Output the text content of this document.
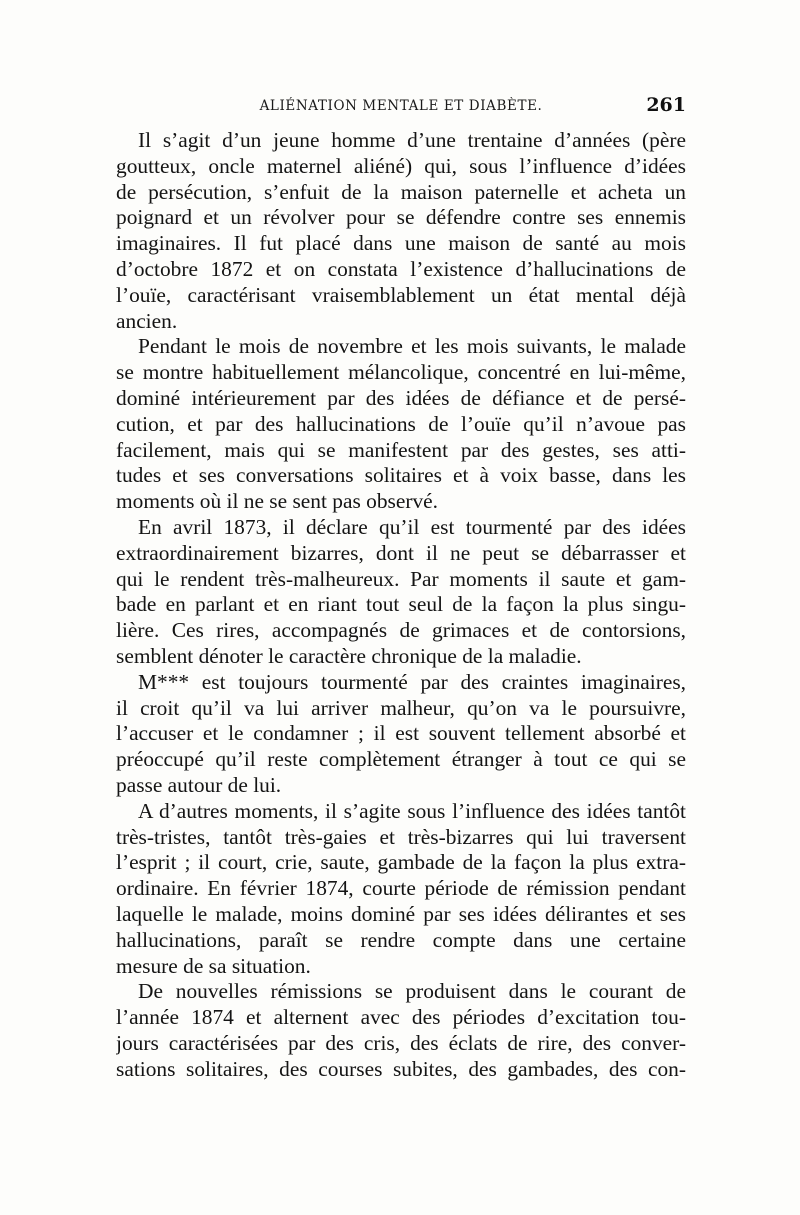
ALIÉNATION MENTALE ET DIABÈTE.	261

Il s’agit d’un jeune homme d’une trentaine d’années (père
goutteux, oncle maternel aliéné) qui, sous l’influence d’idées
de persécution, s’enfuit de la maison paternelle et acheta un
poignard et un révolver pour se défendre contre ses ennemis
imaginaires. Il fut placé dans une maison de santé au mois
d’octobre 1872 et on constata l’existence d’hallucinations de
l’ouïe, caractérisant vraisemblablement un état mental déjà
ancien.

Pendant le mois de novembre et les mois suivants, le malade
se montre habituellement mélancolique, concentré en lui-même,
dominé intérieurement par des idées de défiance et de persé-
cution, et par des hallucinations de l’ouïe qu’il n’avoue pas
facilement, mais qui se manifestent par des gestes, ses atti-
tudes et ses conversations solitaires et à voix basse, dans les
moments où il ne se sent pas observé.

En avril 1873, il déclare qu’il est tourmenté par des idées
extraordinairement bizarres, dont il ne peut se débarrasser et
qui le rendent très-malheureux. Par moments il saute et gam-
bade en parlant et en riant tout seul de la façon la plus singu-
lière. Ces rires, accompagnés de grimaces et de contorsions,
semblent dénoter le caractère chronique de la maladie.

M*** est toujours tourmenté par des craintes imaginaires,
il croit qu’il va lui arriver malheur, qu’on va le poursuivre,
l’accuser et le condamner ; il est souvent tellement absorbé et
préoccupé qu’il reste complètement étranger à tout ce qui se
passe autour de lui.

A d’autres moments, il s’agite sous l’influence des idées tantôt
très-tristes, tantôt très-gaies et très-bizarres qui lui traversent
l’esprit ; il court, crie, saute, gambade de la façon la plus extra-
ordinaire. En février 1874, courte période de rémission pendant
laquelle le malade, moins dominé par ses idées délirantes et ses
hallucinations, paraît se rendre compte dans une certaine
mesure de sa situation.

De nouvelles rémissions se produisent dans le courant de
l’année 1874 et alternent avec des périodes d’excitation tou-
jours caractérisées par des cris, des éclats de rire, des conver-
sations solitaires, des courses subites, des gambades, des con-
